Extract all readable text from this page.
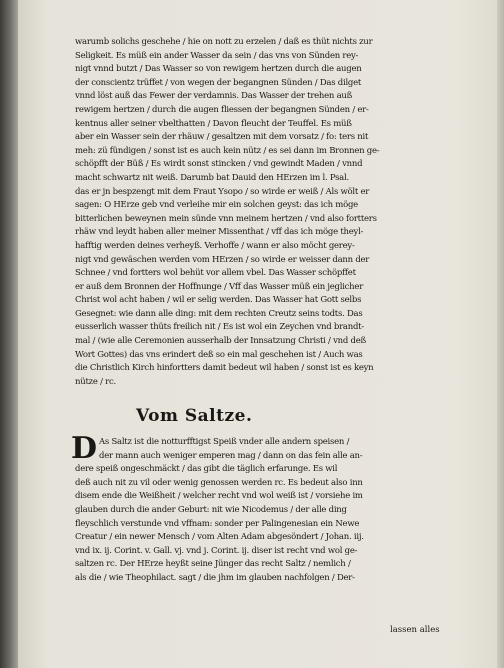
warumb solichs geschehe / hie on nott zu erzelen / daß es thüt nichts zur
Seligkeit. Es müß ein ander Wasser da sein / das vns von Sünden rey-
nigt vnnd butzt / Das Wasser so von rewigem hertzen durch die augen
der conscientz trüffet / von wegen der begangnen Sünden / Das dilget
vnnd löst auß das Fewer der verdamnis. Das Wasser der trehen auß
rewigem hertzen / durch die augen fliessen der begangnen Sünden / er-
kentnus aller seiner vbelthatten / Davon fleucht der Teuffel. Es müß
aber ein Wasser sein der rhäuw / gesaltzen mit dem vorsatz / fo: ters nit
meh: zü fündigen / sonst ist es auch kein nütz / es sei dann im Bronnen ge-
schöpfft der Büß / Es wirdt sonst stincken / vnd gewindt Maden / vnnd
macht schwartz nit weiß. Darumb bat Dauid den HErzen im l. Psal.
das er jn bespzengt mit dem Fraut Ysopo / so wirde er weiß / Als wölt er
sagen: O HErze geb vnd verleihe mir ein solchen geyst: das ich möge
bitterlichen beweynen mein sünde vnn meinem hertzen / vnd also fortters
rhäw vnd leydt haben aller meiner Missenthat / vff das ich möge theyl-
hafftig werden deines verheyß. Verhoffe / wann er also möcht gerey-
nigt vnd gewäschen werden vom HErzen / so wirde er weisser dann der
Schnee / vnd fortters wol behüt vor allem vbel. Das Wasser schöpffet
er auß dem Bronnen der Hoffnunge / Vff das Wasser müß ein jeglicher
Christ wol acht haben / wil er selig werden. Das Wasser hat Gott selbs
Gesegnet: wie dann alle ding: mit dem rechten Creutz seins todts. Das
eusserlich wasser thüts freilich nit / Es ist wol ein Zeychen vnd brandt-
mal / (wie alle Ceremonien ausserhalb der Innsatzung Christi / vnd deß
Wort Gottes) das vns erindert deß so ein mal geschehen ist / Auch was
die Christlich Kirch hinfortters damit bedeut wil haben / sonst ist es keyn
nütze / rc.
Vom Saltze.
D As Saltz ist die notturfftigst Speiß vnder alle andern speisen /
der mann auch weniger emperen mag / dann on das fein alle an-
dere speiß ongeschmäckt / das gibt die täglich erfarunge. Es wil
deß auch nit zu vil oder wenig genossen werden rc. Es bedeut also inn
disem ende die Weißheit / welcher recht vnd wol weiß ist / vorsiehe im
glauben durch die ander Geburt: nit wie Nicodemus / der alle ding
fleyschlich verstunde vnd vffnam: sonder per Palingenesian ein Newe
Creatur / ein newer Mensch / vom Alten Adam abgesöndert / Johan. iij.
vnd ix. ij. Corint. v. Gall. vj. vnd j. Corint. ij. diser ist recht vnd wol ge-
saltzen rc. Der HErze heyßt seine Jünger das recht Saltz / nemlich /
als die / wie Theophilact. sagt / die jhm im glauben nachfolgen / Der-
lassen alles
